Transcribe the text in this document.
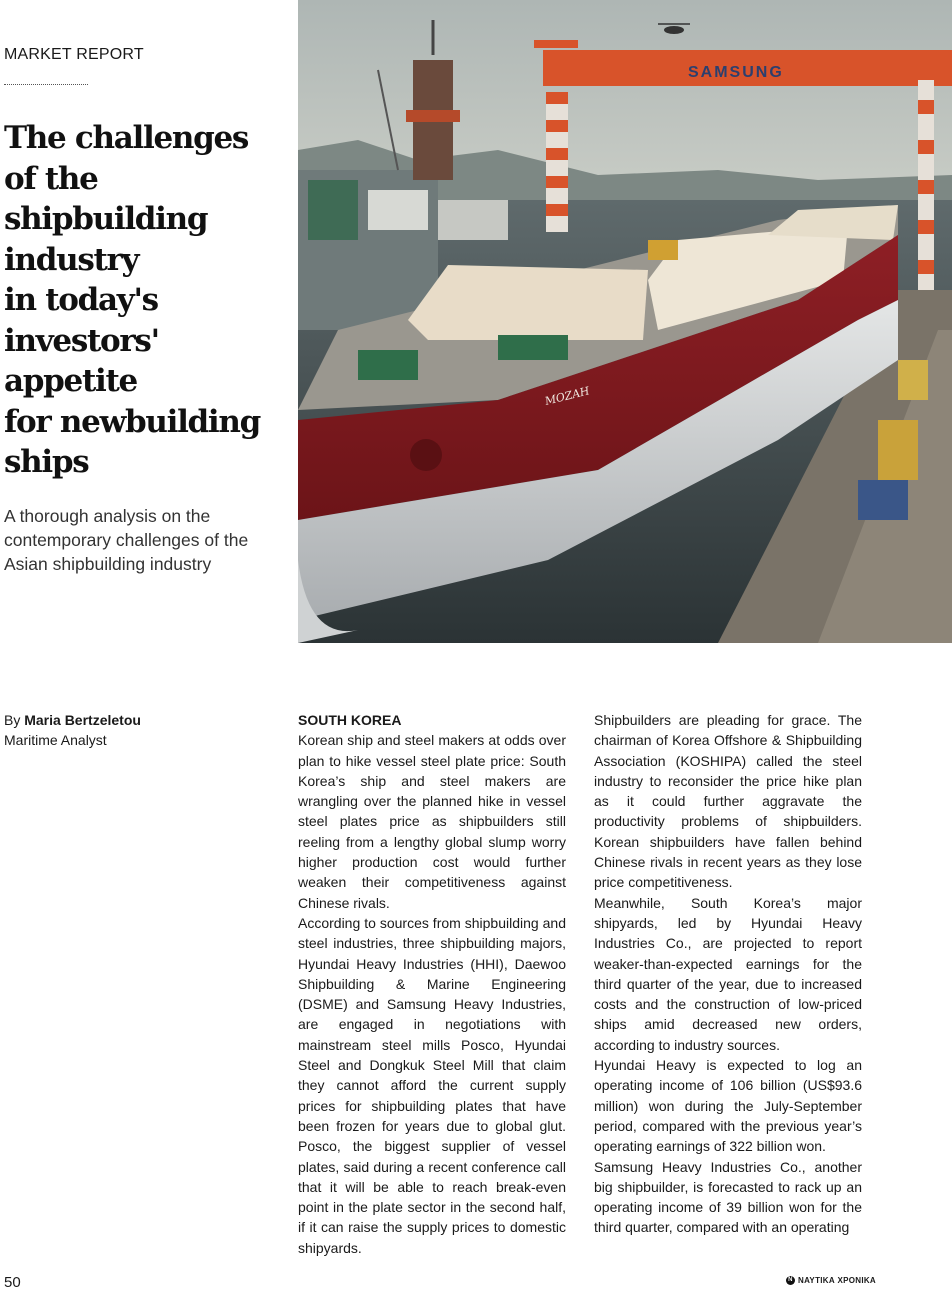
MARKET REPORT
The challenges
of the
shipbuilding
industry
in today's
investors'
appetite
for newbuilding
ships
A thorough analysis on the contemporary challenges of the Asian shipbuilding industry
SAMSUNG
MOZAH
By Maria Bertzeletou
Maritime Analyst

SOUTH KOREA

Korean ship and steel makers at odds over plan to hike vessel steel plate price: South Korea’s ship and steel makers are wrangling over the planned hike in vessel steel plates price as shipbuilders still reeling from a lengthy global slump worry higher production cost would further weaken their competitiveness against Chinese rivals.

According to sources from shipbuilding and steel industries, three shipbuilding majors, Hyundai Heavy Industries (HHI), Daewoo Shipbuilding & Marine Engineering (DSME) and Samsung Heavy Industries, are engaged in negotiations with mainstream steel mills Posco, Hyundai Steel and Dongkuk Steel Mill that claim they cannot afford the current supply prices for shipbuilding plates that have been frozen for years due to global glut. Posco, the biggest supplier of vessel plates, said during a recent conference call that it will be able to reach break-even point in the plate sector in the second half, if it can raise the supply prices to domestic shipyards.

Shipbuilders are pleading for grace. The chairman of Korea Offshore & Shipbuilding Association (KOSHIPA) called the steel industry to reconsider the price hike plan as it could further aggravate the productivity problems of shipbuilders. Korean shipbuilders have fallen behind Chinese rivals in recent years as they lose price competitiveness.

Meanwhile, South Korea’s major shipyards, led by Hyundai Heavy Industries Co., are projected to report weaker-than-expected earnings for the third quarter of the year, due to increased costs and the construction of low-priced ships amid decreased new orders, according to industry sources.

Hyundai Heavy is expected to log an operating income of 106 billion (US$93.6 million) won during the July-September period, compared with the previous year’s operating earnings of 322 billion won.

Samsung Heavy Industries Co., another big shipbuilder, is forecasted to rack up an operating income of 39 billion won for the third quarter, compared with an operating

50	N ΝΑΥΤΙΚΑ ΧΡΟΝΙΚΑ
